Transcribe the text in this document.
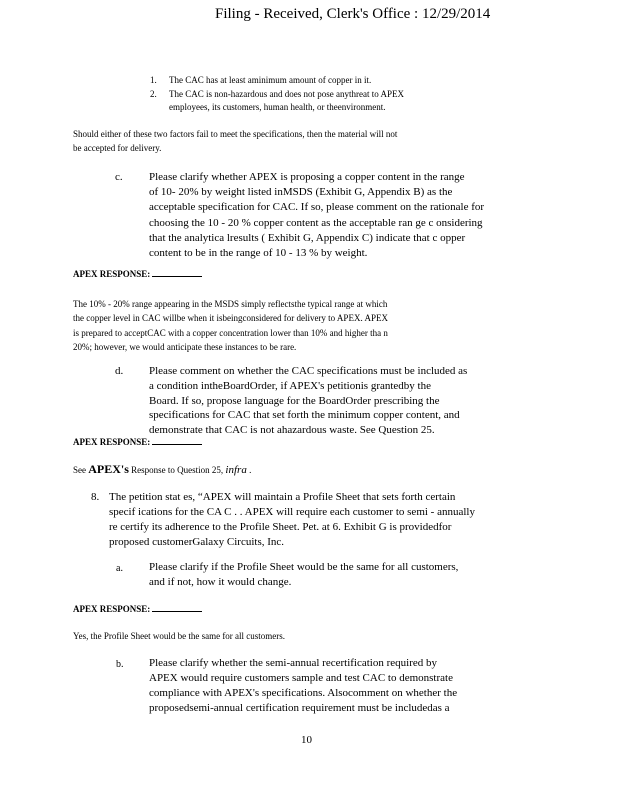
Filing - Received, Clerk's Office : 12/29/2014
1. The CAC has at least aminimum amount of copper in it.
2. The CAC is non-hazardous and does not pose anythreat to APEX
employees, its customers, human health, or theenvironment.
Should either of these two factors fail to meet the specifications, then the material will not
be accepted for delivery.
c. Please clarify whether APEX is proposing a copper content in the range
of 10- 20% by weight listed inMSDS (Exhibit G, Appendix B) as the
acceptable specification for CAC. If so, please comment on the rationale for
choosing the 10 - 20 % copper content as the acceptable ran ge c onsidering
that the analytica lresults ( Exhibit G, Appendix C) indicate that c opper
content to be in the range of 10 - 13 % by weight.
APEX RESPONSE:
The 10% - 20% range appearing in the MSDS simply reflectsthe typical range at which
the copper level in CAC willbe when it isbeingconsidered for delivery to APEX. APEX
is prepared to acceptCAC with a copper concentration lower than 10% and higher tha n
20%; however, we would anticipate these instances to be rare.
d. Please comment on whether the CAC specifications must be included as
a condition intheBoardOrder, if APEX's petitionis grantedby the
Board. If so, propose language for the BoardOrder prescribing the
specifications for CAC that set forth the minimum copper content, and
demonstrate that CAC is not ahazardous waste. See Question 25.
APEX RESPONSE:
See APEX's Response to Question 25, infra .
8. The petition stat es, “APEX will maintain a Profile Sheet that sets forth certain
specif ications for the CA C . . APEX will require each customer to semi - annually
re certify its adherence to the Profile Sheet. Pet. at 6. Exhibit G is providedfor
proposed customerGalaxy Circuits, Inc.
a. Please clarify if the Profile Sheet would be the same for all customers,
and if not, how it would change.
APEX RESPONSE:
Yes, the Profile Sheet would be the same for all customers.
b. Please clarify whether the semi-annual recertification required by
APEX would require customers sample and test CAC to demonstrate
compliance with APEX's specifications. Alsocomment on whether the
proposedsemi-annual certification requirement must be includedas a
10
